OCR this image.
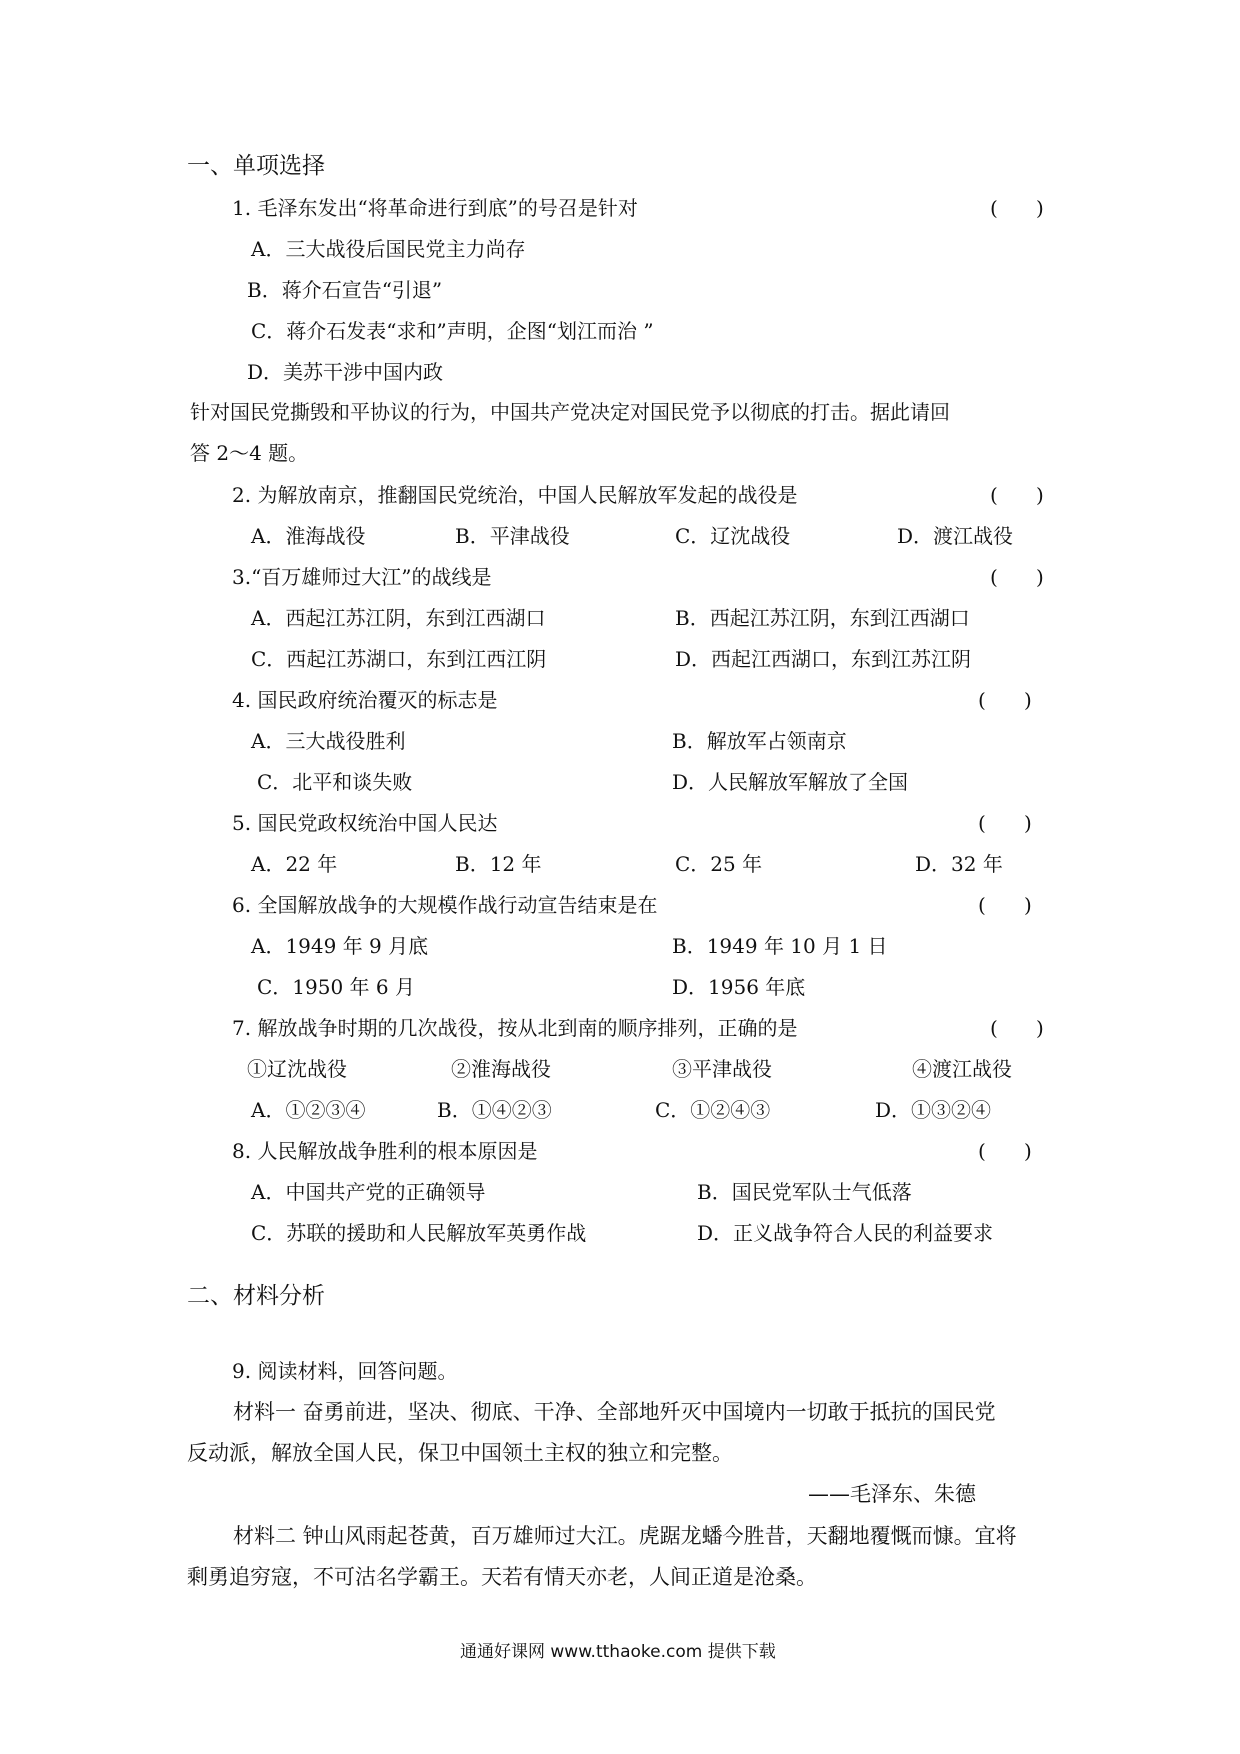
一、单项选择
1. 毛泽东发出“将革命进行到底”的号召是针对	(      )
A．三大战役后国民党主力尚存
B．蒋介石宣告“引退”
C．蒋介石发表“求和”声明，企图“划江而治 ”
D．美苏干涉中国内政
针对国民党撕毁和平协议的行为，中国共产党决定对国民党予以彻底的打击。据此请回
答 2～4 题。
2. 为解放南京，推翻国民党统治，中国人民解放军发起的战役是	(      )
A．淮海战役	B．平津战役	C．辽沈战役	D．渡江战役
3.“百万雄师过大江”的战线是	(      )
A．西起江苏江阴，东到江西湖口	B．西起江苏江阴，东到江西湖口
C．西起江苏湖口，东到江西江阴	D．西起江西湖口，东到江苏江阴
4. 国民政府统治覆灭的标志是	(      )
A．三大战役胜利	B．解放军占领南京
C．北平和谈失败	D．人民解放军解放了全国
5. 国民党政权统治中国人民达	(      )
A．22 年	B．12 年	C．25 年	D．32 年
6. 全国解放战争的大规模作战行动宣告结束是在	(      )
A．1949 年 9 月底	B．1949 年 10 月 1 日
C．1950 年 6 月	D．1956 年底
7. 解放战争时期的几次战役，按从北到南的顺序排列，正确的是	(      )
①辽沈战役	②淮海战役	③平津战役	④渡江战役
A．①②③④	B．①④②③	C．①②④③	D．①③②④
8. 人民解放战争胜利的根本原因是	(      )
A．中国共产党的正确领导	B．国民党军队士气低落
C．苏联的援助和人民解放军英勇作战	D．正义战争符合人民的利益要求
二、材料分析
9. 阅读材料，回答问题。
材料一 奋勇前进，坚决、彻底、干净、全部地歼灭中国境内一切敢于抵抗的国民党
反动派，解放全国人民，保卫中国领土主权的独立和完整。
——毛泽东、朱德
材料二 钟山风雨起苍黄，百万雄师过大江。虎踞龙蟠今胜昔，天翻地覆慨而慷。宜将
剩勇追穷寇，不可沽名学霸王。天若有情天亦老，人间正道是沧桑。
通通好课网 www.tthaoke.com 提供下载
